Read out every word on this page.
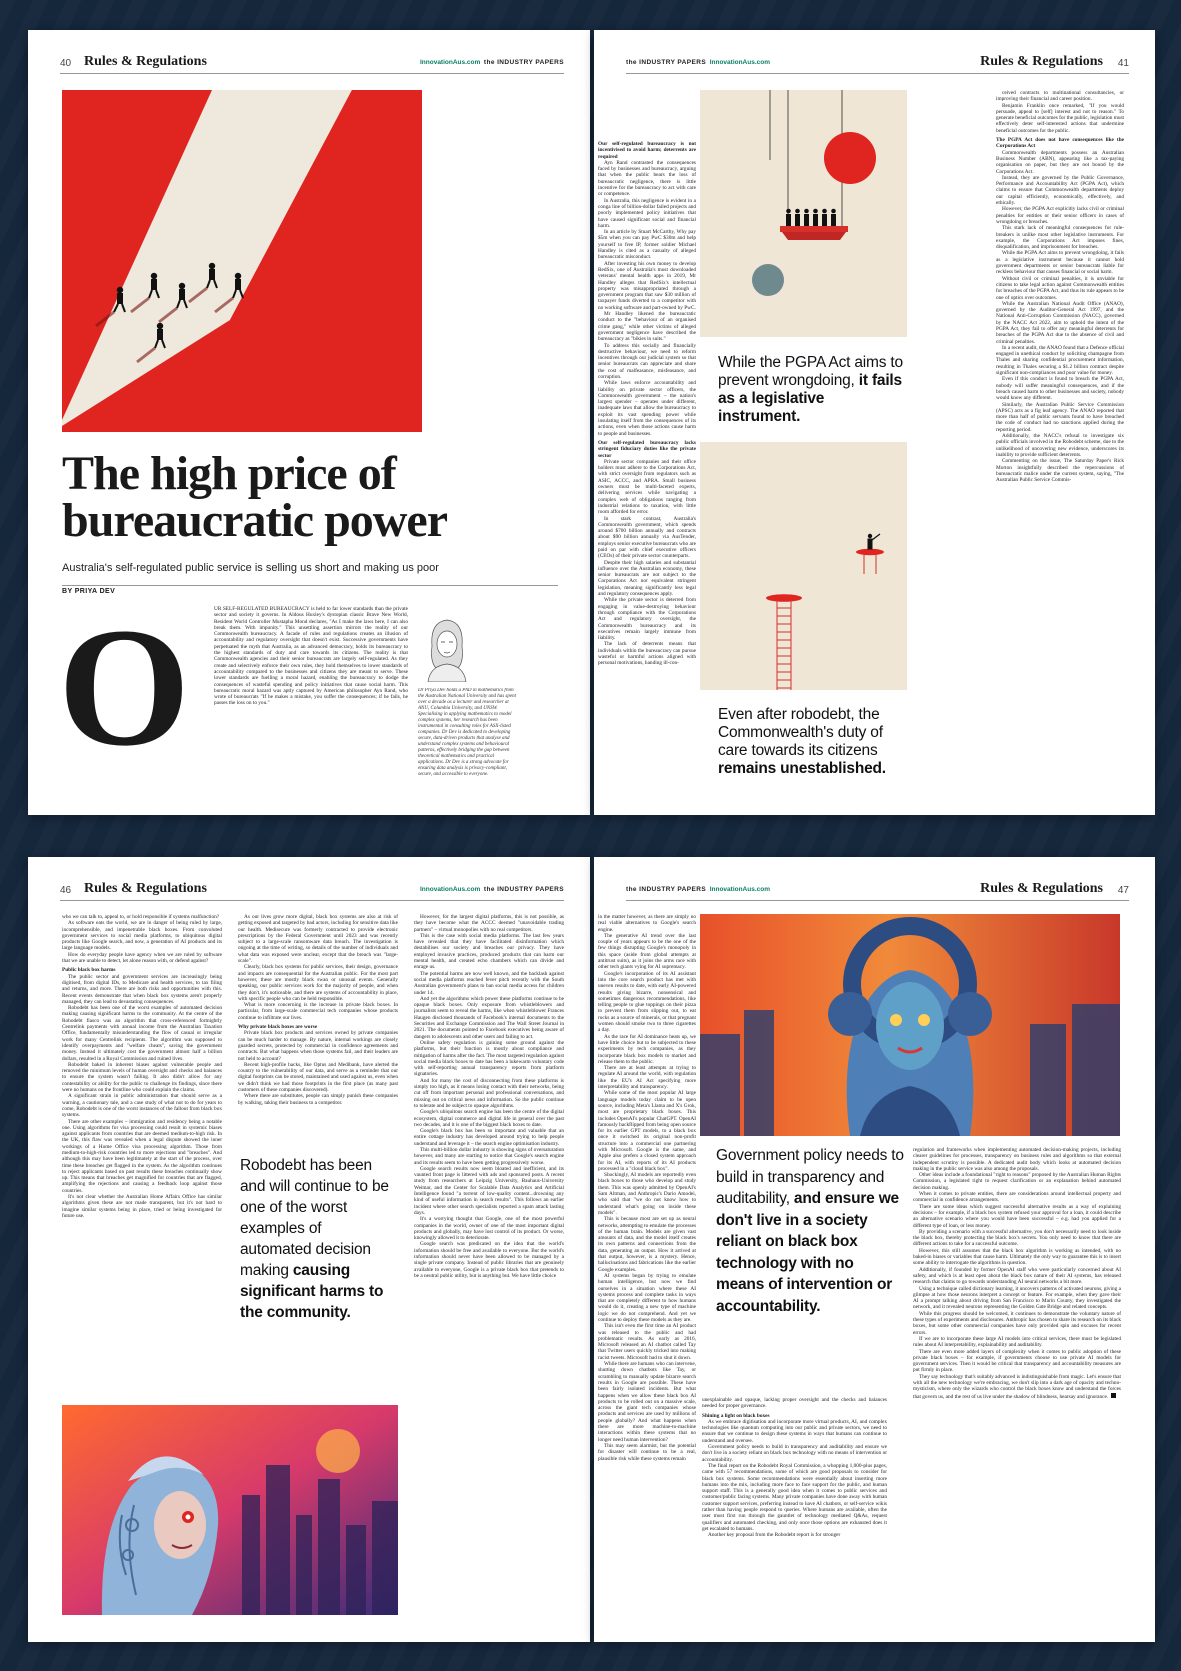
40 Rules & Regulations	InnovationAus.com the INDUSTRY PAPERS
The high price of
bureaucratic power
Australia's self-regulated public service is selling us short and making us poor
BY PRIYA DEV
O	UR SELF-REGULATED BUREAUCRACY is held to far lower standards than the private sector and society it governs. In Aldous Huxley's dystopian classic Brave New World, Resident World Controller Mustapha Mond declares, "As I make the laws here, I can also break them. With impunity." This unsettling assertion mirrors the reality of our Commonwealth bureaucracy. A facade of rules and regulations creates an illusion of accountability and regulatory oversight that doesn't exist. Successive governments have perpetuated the myth that Australia, as an advanced democracy, holds its bureaucracy to the highest standards of duty and care towards its citizens. The reality is that Commonwealth agencies and their senior bureaucrats are largely self-regulated. As they create and selectively enforce their own rules, they hold themselves to lower standards of accountability compared to the businesses and citizens they are meant to serve. These lower standards are fuelling a moral hazard, enabling the bureaucracy to dodge the consequences of wasteful spending and policy initiatives that cause social harm. This bureaucratic moral hazard was aptly captured by American philosopher Ayn Rand, who wrote of bureaucrats "If he makes a mistake, you suffer the consequences; if he fails, he passes the loss on to you."

Dr Priya Dev holds a PhD in mathematics from the Australian National University and has spent over a decade as a lecturer and researcher at ANU, Columbia University, and UNSW. Specialising in applying mathematics to model complex systems, her research has been instrumental in consulting roles for ASX-listed companies. Dr Dev is dedicated to developing secure, data-driven products that analyse and understand complex systems and behavioural patterns, effectively bridging the gap between theoretical mathematics and practical applications. Dr Dev is a strong advocate for ensuring data analysis is privacy-compliant, secure, and accessible to everyone.
the INDUSTRY PAPERS InnovationAus.com	Rules & Regulations 41

Our self-regulated bureaucracy is not incentivised to avoid harm; deterrents are required

Ayn Rand contrasted the consequences faced by businesses and bureaucracy, arguing that when the public bears the loss of bureaucratic negligence, there is little incentive for the bureaucracy to act with care or competence.

In Australia, this negligence is evident in a conga line of billion-dollar failed projects and poorly implemented policy initiatives that have caused significant social and financial harm.

In an article by Stuart McCarthy, Why pay $5m when you can pay PwC $30m and help yourself to free IP, former soldier Michael Handley is cited as a casualty of alleged bureaucratic misconduct.

After investing his own money to develop RedSix, one of Australia's most downloaded veterans' mental health apps in 2019, Mr Handley alleges that RedSix's intellectual property was misappropriated through a government program that saw $30 million of taxpayer funds diverted to a competitor with no working software and part-owned by PwC.

Mr Handley likened the bureaucratic conduct to the "behaviour of an organised crime gang," while other victims of alleged government negligence have described the bureaucracy as "bikies in suits."

To address this socially and financially destructive behaviour, we need to reform incentives through our judicial system so that senior bureaucrats can appreciate and share the cost of malfeasance, misfeasance, and corruption.

While laws enforce accountability and liability on private sector officers, the Commonwealth government – the nation's largest spender – operates under different, inadequate laws that allow the bureaucracy to exploit its vast spending power while insulating itself from the consequences of its actions, even when those actions cause harm to people and businesses.

Our self-regulated bureaucracy lacks stringent fiduciary duties like the private sector

Private sector companies and their office holders must adhere to the Corporations Act, with strict oversight from regulators such as ASIC, ACCC, and APRA. Small business owners must be multi-faceted experts, delivering services while navigating a complex web of obligations ranging from industrial relations to taxation, with little room afforded for error.

In stark contrast, Australia's Commonwealth government, which spends around $700 billion annually and contracts about $90 billion annually via AusTender, employs senior executive bureaucrats who are paid on par with chief executive officers (CEOs) of their private sector counterparts.

Despite their high salaries and substantial influence over the Australian economy, these senior bureaucrats are not subject to the Corporations Act nor equivalent stringent legislation, meaning significantly less legal and regulatory consequences apply.

While the private sector is deterred from engaging in value-destroying behaviour through compliance with the Corporations Act and regulatory oversight, the Commonwealth bureaucracy and its executives remain largely immune from liability.

The lack of deterrents means that individuals within the bureaucracy can pursue wasteful or harmful actions aligned with personal motivations, handing ill-con-

While the PGPA Act aims to prevent wrongdoing, it fails as a legislative instrument.
Even after robodebt, the Commonwealth's duty of care towards its citizens remains unestablished.

ceived contracts to multinational consultancies, or improving their financial and career position.

Benjamin Franklin once remarked, "If you would persuade, appeal to [self] interest and not to reason." To generate beneficial outcomes for the public, legislation must effectively deter self-interested actions that undermine beneficial outcomes for the public.

The PGPA Act does not have consequences like the Corporations Act

Commonwealth departments possess an Australian Business Number (ABN), appearing like a tax-paying organisation on paper, but they are not bound by the Corporations Act.

Instead, they are governed by the Public Governance, Performance and Accountability Act (PGPA Act), which claims to ensure that Commonwealth departments deploy our capital efficiently, economically, effectively, and ethically.

However, the PGPA Act explicitly lacks civil or criminal penalties for entities or their senior officers in cases of wrongdoing or breaches.

This stark lack of meaningful consequences for rule-breakers is unlike most other legislative instruments. For example, the Corporations Act imposes fines, disqualification, and imprisonment for breaches.

While the PGPA Act aims to prevent wrongdoing, it fails as a legislative instrument because it cannot hold government departments or senior bureaucrats liable for reckless behaviour that causes financial or social harm.

Without civil or criminal penalties, it is unviable for citizens to take legal action against Commonwealth entities for breaches of the PGPA Act, and thus its rule appears to be one of optics over outcomes.

While the Australian National Audit Office (ANAO), governed by the Auditor-General Act 1997, and the National Anti-Corruption Commission (NACC), governed by the NACC Act 2022, aim to uphold the intent of the PGPA Act, they fail to offer any meaningful deterrents for breaches of the PGPA Act due to the absence of civil and criminal penalties.

In a recent audit, the ANAO found that a Defence official engaged in unethical conduct by soliciting champagne from Thales and sharing confidential procurement information, resulting in Thales securing a $1.2 billion contract despite significant non-compliances and poor value for money.

Even if this conduct is found to breach the PGPA Act, nobody will suffer meaningful consequences, and if the breach caused harm to other businesses and society, nobody would know any different.

Similarly, the Australian Public Service Commission (APSC) acts as a fig leaf agency. The ANAO reported that more than half of public servants found to have breached the code of conduct had no sanctions applied during the reporting period.

Additionally, the NACC's refusal to investigate six public officials involved in the Robodebt scheme, due to the unlikelihood of uncovering new evidence, underscores its inability to provide sufficient deterrents.

Commenting on the issue, The Saturday Paper's Rick Morton insightfully described the repercussions of bureaucratic malice under the current system, saying, "The Australian Public Service Commis-

46 Rules & Regulations	InnovationAus.com the INDUSTRY PAPERS

who we can talk to, appeal to, or hold responsible if systems malfunction?

As software eats the world, we are in danger of being ruled by large, incomprehensible, and impenetrable black boxes. From convoluted government services to social media platforms, to ubiquitous digital products like Google search, and now, a generation of AI products and its large language models.

How do everyday people have agency when we are ruled by software that we are unable to detect, let alone reason with, or defend against?

Public black box harms

The public sector and government services are increasingly being digitised, from digital IDs, to Medicare and health services, to tax filing and returns, and more. There are both risks and opportunities with this. Recent events demonstrate that when black box systems aren't properly managed, they can lead to devastating consequences.

Robodebt has been one of the worst examples of automated decision making causing significant harms to the community. At the centre of the Robodebt fiasco was an algorithm that cross-referenced fortnightly Centrelink payments with annual income from the Australian Taxation Office, fundamentally misunderstanding the flow of casual or irregular work for many Centrelink recipients. The algorithm was supposed to identify overpayments and "welfare cheats", saving the government money. Instead it ultimately cost the government almost half a billion dollars, resulted in a Royal Commission and ruined lives.

Robodebt baked in inherent biases against vulnerable people and removed the minimum levels of human oversight and checks and balances to ensure the system wasn't failing. It also didn't allow for any contestability or ability for the public to challenge its findings, since there were no humans on the frontline who could explain the claims.

A significant strain in public administration that should serve as a warning, a cautionary tale, and a case study of what not to do for years to come, Robodebt is one of the worst instances of the fallout from black box systems.

There are other examples – immigration and residency being a notable one. Using algorithms for visa processing could result in systemic biases against applicants from countries that are deemed medium-to-high risk. In the UK, this flaw was revealed when a legal dispute showed the inner workings of a Home Office visa processing algorithm. Those from medium-to-high-risk countries led to more rejections and "breaches". And although this may have been legitimately at the start of the process, over time these breaches get flagged in the system. As the algorithm continues to reject applicants based on past results these breaches continually show up. This means that breaches get magnified for countries that are flagged, amplifying the rejections and causing a feedback loop against those countries.

It's not clear whether the Australian Home Affairs Office has similar algorithms given these are not made transparent, but it's not hard to imagine similar systems being in place, tried or being investigated for future use.

As our lives grow more digital, black box systems are also at risk of getting exposed and targeted by bad actors, including for sensitive data like our health. Medisecure was formerly contracted to provide electronic prescriptions by the Federal Government until 2023 and was recently subject to a large-scale ransomware data breach. The investigation is ongoing at the time of writing, so details of the number of individuals and what data was exposed were unclear, except that the breach was "large-scale".

Clearly, black box systems for public services, their design, governance and impacts are consequential for the Australian public. For the most part however, these are mostly black swan or unusual events. Generally speaking, our public services work for the majority of people, and when they don't, it's noticeable, and there are systems of accountability in place, with specific people who can be held responsible.

What is more concerning is the increase in private black boxes. In particular, from large-scale commercial tech companies whose products continue to infiltrate our lives.

Why private black boxes are worse

Private black box products and services owned by private companies can be much harder to manage. By nature, internal workings are closely guarded secrets, protected by commercial in confidence agreements and contracts. But what happens when those systems fail, and their leaders are not held to account?

Recent high-profile hacks, like Optus and Medibank, have alerted the country to the vulnerability of our data, and serve as a reminder that our digital footprints can be stored, maintained and used against us, even when we didn't think we had those footprints in the first place (as many past customers of these companies discovered).

Where there are substitutes, people can simply punish these companies by walking, taking their business to a competitor.

Robodebt has been and will continue to be one of the worst examples of automated decision making causing significant harms to the community.

However, for the largest digital platforms, this is not possible, as they have become what the ACCC deemed "unavoidable trading partners" – virtual monopolies with no real competitors.

This is the case with social media platforms. The last few years have revealed that they have facilitated disinformation which destabilises our society and breaches our privacy. They have employed invasive practices, produced products that can harm our mental health, and created echo chambers which can divide and enrage us.

The potential harms are now well known, and the backlash against social media platforms reached fever pitch recently with the South Australian government's plans to ban social media access for children under 14.

And yet the algorithms which power these platforms continue to be opaque black boxes. Only exposure from whistleblowers and journalists seem to reveal the harms, like when whistleblower Frances Haugen disclosed thousands of Facebook's internal documents to the Securities and Exchange Commission and The Wall Street Journal in 2021. The documents pointed to Facebook executives being aware of dangers to adolescents and other users and failing to act.

Online safety regulation is gaining some ground against the platforms, but their function is mostly about compliance and mitigation of harms after the fact. The most targeted regulation against social media black boxes to date has been a lukewarm voluntary code with self-reporting annual transparency reports from platform signatories.

And for many the cost of disconnecting from these platforms is simply too high, as it means losing contact with their networks, being cut off from important personal and professional conversations, and missing out on critical news and information. So the public continue to tolerate and be subject to opaque algorithms.

Google's ubiquitous search engine has been the centre of the digital ecosystem, digital commerce and digital life in general over the past two decades, and it is one of the biggest black boxes to date.

Google's black box has been so important and valuable that an entire cottage industry has developed around trying to help people understand and leverage it – the search engine optimisation industry.

This multi-billion dollar industry is showing signs of oversaturation however, and many are starting to notice that Google's search engine and its results seem to have been getting progressively worse.

Google search results now seem bloated and inefficient, and its vaunted front page is littered with ads and sponsored posts. A recent study from researchers at Leipzig University, Bauhaus-University Weimar, and the Center for Scalable Data Analytics and Artificial Intelligence found "a torrent of low-quality content...drowning any kind of useful information in search results". This follows an earlier incident where other search specialists reported a spam attack lasting days.

It's a worrying thought that Google, one of the most powerful companies in the world, owner of one of the most important digital products and globally, may have lost control of its product. Or worse, knowingly allowed it to deteriorate.

Google search was predicated on the idea that the world's information should be free and available to everyone. But the world's information should never have been allowed to be managed by a single private company. Instead of public libraries that are genuinely available to everyone, Google is a private black box that pretends to be a neutral public utility, but is anything but. We have little choice

the INDUSTRY PAPERS InnovationAus.com	Rules & Regulations 47

in the matter however, as there are simply no real viable alternatives to Google's search engine.

The generative AI trend over the last couple of years appears to be the one of the few things disrupting Google's monopoly in this space (aside from global attempts at antitrust suits), as it joins the arms race with other tech giants vying for AI supremacy.

Google's incorporation of its AI assistant into the core search product has met with uneven results to date, with early AI-powered results giving bizarre, nonsensical and sometimes dangerous recommendations, like telling people to glue toppings on their pizza to prevent them from slipping out, to eat rocks as a source of minerals, or that pregnant women should smoke two to three cigarettes a day.

As the race for AI dominance heats up, we have little choice but to be subjected to these experiments by tech companies, as they incorporate black box models to market and release them to the public.

There are at least attempts at trying to regulate AI around the world, with regulation like the EU's AI Act specifying more interpretability and transparency.

While some of the most popular AI large language models today claim to be open source, including Meta's Llama and X's Grok, most are proprietary black boxes. This includes OpenAI's popular ChatGPT. OpenAI famously backflipped from being open source for its earlier GPT models, to a black box once it switched its original non-profit structure into a commercial one partnering with Microsoft. Google is the same, and Apple also prefers a closed system approach for its AI, with reports of its AI products processed in a "cloud black box".

Shockingly, AI models are reportedly even black boxes to those who develop and study them. This was openly admitted by OpenAI's Sam Altman, and Anthropic's Dario Amodei, who said that "we do not know how to understand what's going on inside these models".

This is because most are set up as neural networks, attempting to emulate the processes of the human brain. Models are given vast amounts of data, and the model itself creates its own patterns and connections from the data, generating an output. How it arrived at that output, however, is a mystery. Hence, hallucinations and fabrications like the earlier Google examples.

AI systems began by trying to emulate human intelligence, but now we find ourselves in a situation where these AI systems process and complete tasks in ways that are completely different to how humans would do it, creating a new type of machine logic we do not comprehend. And yet we continue to deploy these models as they are.

This isn't even the first time an AI product was released to the public and had problematic results. As early as 2016, Microsoft released an AI chatbot called Tay that Twitter users quickly tricked into making racist tweets. Microsoft had to shut it down.

While there are humans who can intervene, shutting down chatbots like Tay, or scrambling to manually update bizarre search results in Google are possible. These have been fairly isolated incidents. But what happens when we allow these black box AI products to be rolled out on a massive scale, across the giant tech companies whose products and services are used by millions of people globally? And what happens when there are more machine-to-machine interactions within these systems that no longer need human intervention?

This may seem alarmist, but the potential for disaster will continue to be a real, plausible risk while these systems remain

Government policy needs to build in transparency and auditability, and ensure we don't live in a society reliant on black box technology with no means of intervention or accountability.

unexplainable and opaque, lacking proper oversight and the checks and balances needed for proper governance.

Shining a light on black boxes

As we embrace digitisation and incorporate more virtual products, AI, and complex technologies like quantum computing into our public and private sectors, we need to ensure that we continue to design these systems in ways that humans can continue to understand and oversee.

Government policy needs to build in transparency and auditability and ensure we don't live in a society reliant on black box technology with no means of intervention or accountability.

The final report on the Robodebt Royal Commission, a whopping 1,000-plus pages, came with 57 recommendations, some of which are good proposals to consider for black box systems. Some recommendations were essentially about inserting more humans into the mix, including more face to face support for the public, and human support staff. This is a generally good idea when it comes to public services and customer/public facing systems. Many private companies have done away with human customer support services, preferring instead to have AI chatbots, or self-service wikis rather than having people respond to queries. Where humans are available, often the user must first run through the gauntlet of technology mediated Q&As, request qualifiers and automated checking, and only once those options are exhausted does it get escalated to humans.

Another key proposal from the Robodebt report is for stronger

regulation and frameworks when implementing automated decision-making projects, including clearer guidelines for processes, transparency on business rules and algorithms so that external independent scrutiny is possible. A dedicated audit body which looks at automated decision making in the public service was also among the proposals.

Other ideas include a foundational "right to reasons" proposed by the Australian Human Rights Commission, a legislated right to request clarification or an explanation behind automated decision making.

When it comes to private entities, there are considerations around intellectual property and commercial in confidence arrangements.

There are some ideas which suggest successful alternative results as a way of explaining decisions – for example, if a black box system refused your approval for a loan, it could describe an alternative scenario where you would have been successful – e.g. had you applied for a different type of loan, or less money.

By providing a scenario with a successful alternative, you don't necessarily need to look inside the black box, thereby protecting the black box's secrets. You only need to know that there are different actions to take for a successful outcome.

However, this still assumes that the black box algorithm is working as intended, with no baked-in biases or variables that cause harm. Ultimately the only way to guarantee this is to insert some ability to interrogate the algorithms in question.

Additionally, if founded by former OpenAI staff who were particularly concerned about AI safety, and which is at least open about the black box nature of their AI systems, has released research that claims to go towards understanding AI neural networks a bit more.

Using a technique called dictionary learning, it uncovers patterns of activated neurons, giving a glimpse at how those neurons interpret a concept or feature. For example, when they gave their AI a prompt talking about driving from San Francisco to Marin County, they investigated the network, and it revealed neurons representing the Golden Gate Bridge and related concepts.

While this progress should be welcomed, it continues to demonstrate the voluntary nature of these types of experiments and disclosures. Anthropic has chosen to share its research on its black boxes, but some other commercial companies have only provided spin and excuses for recent errors.

If we are to incorporate these large AI models into critical services, there must be legislated rules about AI interpretability, explainability and auditability.

There are even more added layers of complexity when it comes to public adoption of these private black boxes – for example, if governments choose to use private AI models for government services. Then it would be critical that transparency and accountability measures are put firmly in place.

They say technology that's suitably advanced is indistinguishable from magic. Let's ensure that with all the new technology we're embracing, we don't slip into a dark age of opacity and techno-mysticism, where only the wizards who control the black boxes know and understand the forces that govern us, and the rest of us live under the shadow of blindness, hearsay and ignorance.
